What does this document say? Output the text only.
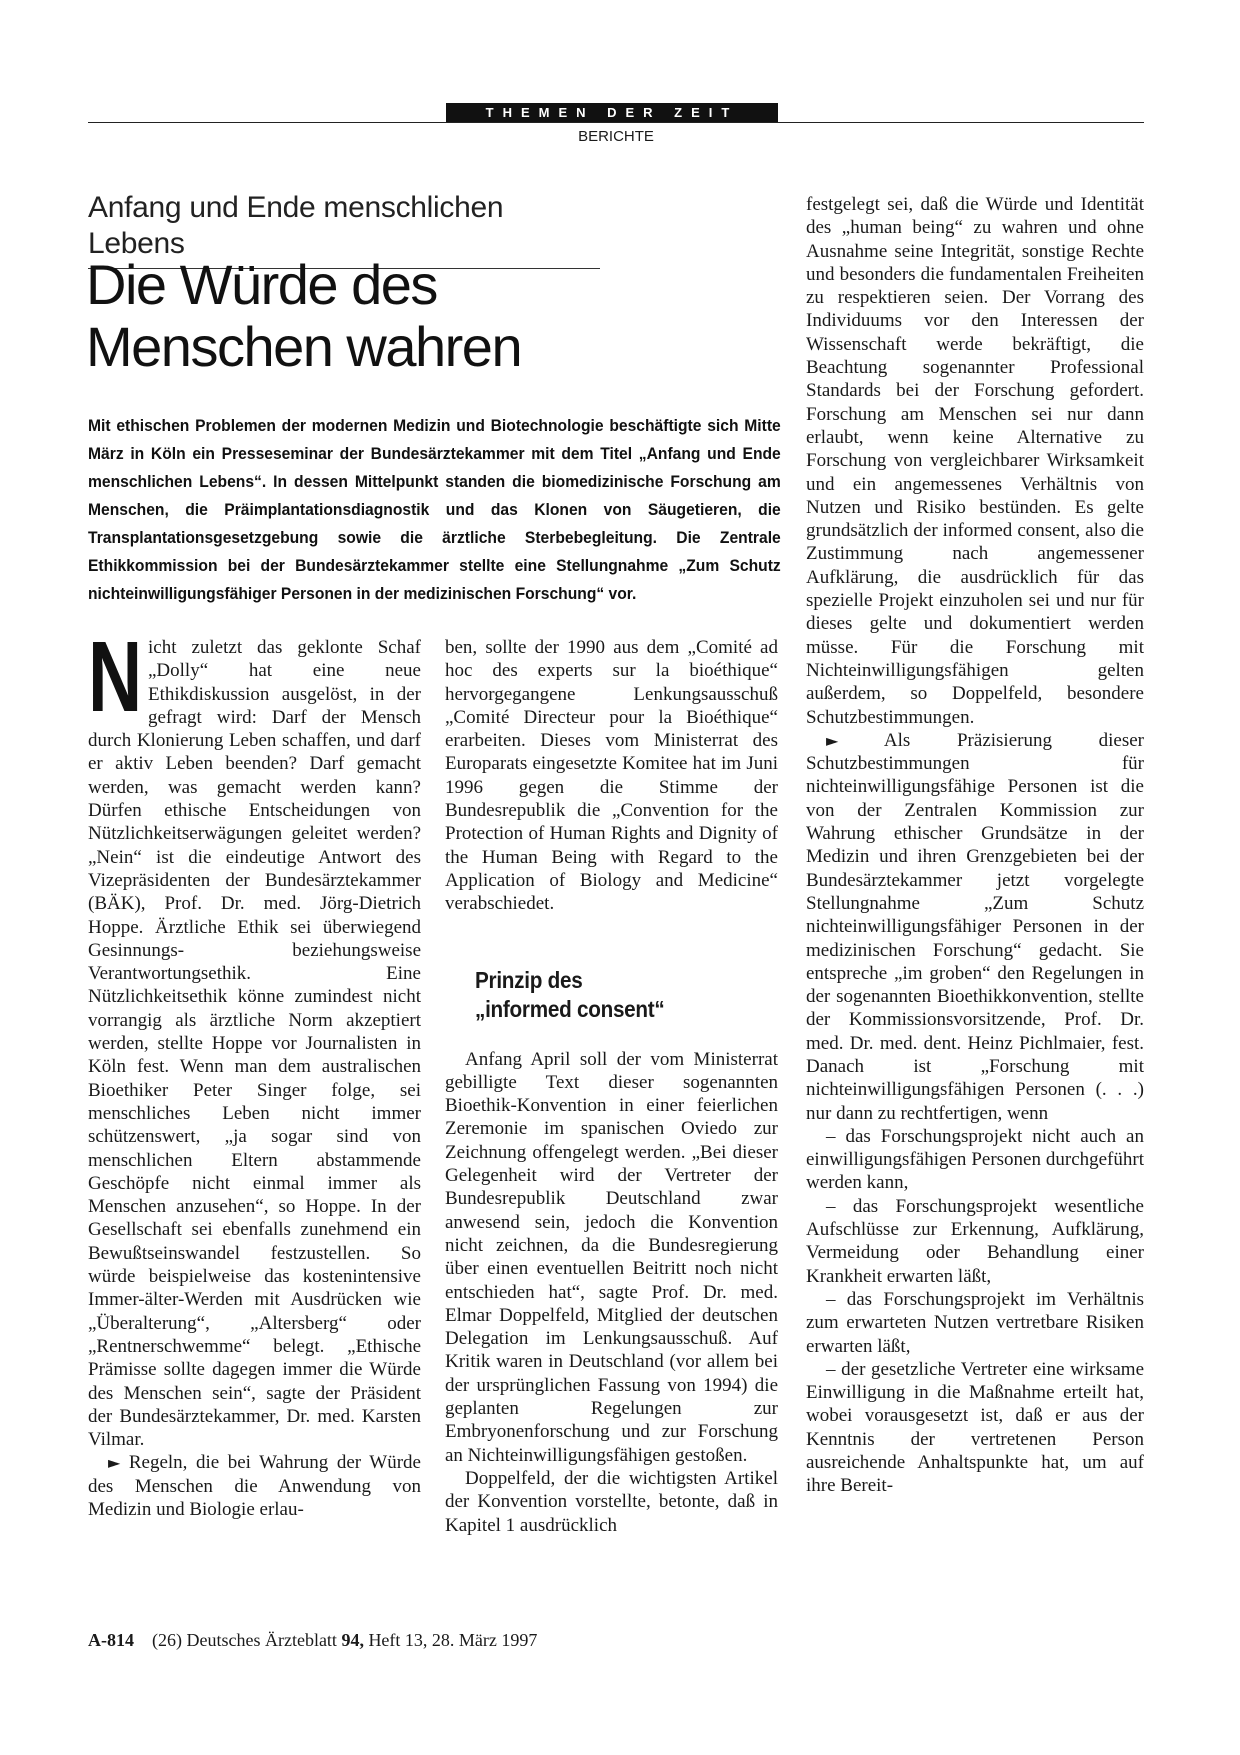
THEMEN DER ZEIT
BERICHTE
Anfang und Ende menschlichen Lebens
Die Würde des
Menschen wahren
Mit ethischen Problemen der modernen Medizin und Biotechnologie beschäftigte sich Mitte März in Köln ein Presseseminar der Bundesärztekammer mit dem Titel „Anfang und Ende menschlichen Lebens“. In dessen Mittelpunkt standen die biomedizinische Forschung am Menschen, die Präimplantationsdiagnostik und das Klonen von Säugetieren, die Transplantationsgesetzgebung sowie die ärztliche Sterbebegleitung. Die Zentrale Ethikkommission bei der Bundesärztekammer stellte eine Stellungnahme „Zum Schutz nichteinwilligungsfähiger Personen in der medizinischen Forschung“ vor.

Nicht zuletzt das geklonte Schaf „Dolly“ hat eine neue Ethikdiskussion ausgelöst, in der gefragt wird: Darf der Mensch durch Klonierung Leben schaffen, und darf er aktiv Leben beenden? Darf gemacht werden, was gemacht werden kann? Dürfen ethische Entscheidungen von Nützlichkeitserwägungen geleitet werden? „Nein“ ist die eindeutige Antwort des Vizepräsidenten der Bundesärztekammer (BÄK), Prof. Dr. med. Jörg-Dietrich Hoppe. Ärztliche Ethik sei überwiegend Gesinnungs- beziehungsweise Verantwortungsethik. Eine Nützlichkeitsethik könne zumindest nicht vorrangig als ärztliche Norm akzeptiert werden, stellte Hoppe vor Journalisten in Köln fest. Wenn man dem australischen Bioethiker Peter Singer folge, sei menschliches Leben nicht immer schützenswert, „ja sogar sind von menschlichen Eltern abstammende Geschöpfe nicht einmal immer als Menschen anzusehen“, so Hoppe. In der Gesellschaft sei ebenfalls zunehmend ein Bewußtseinswandel festzustellen. So würde beispielweise das kostenintensive Immer-älter-Werden mit Ausdrücken wie „Überalterung“, „Altersberg“ oder „Rentnerschwemme“ belegt. „Ethische Prämisse sollte dagegen immer die Würde des Menschen sein“, sagte der Präsident der Bundesärztekammer, Dr. med. Karsten Vilmar.

► Regeln, die bei Wahrung der Würde des Menschen die Anwendung von Medizin und Biologie erlau-

ben, sollte der 1990 aus dem „Comité ad hoc des experts sur la bioéthique“ hervorgegangene Lenkungsausschuß „Comité Directeur pour la Bioéthique“ erarbeiten. Dieses vom Ministerrat des Europarats eingesetzte Komitee hat im Juni 1996 gegen die Stimme der Bundesrepublik die „Convention for the Protection of Human Rights and Dignity of the Human Being with Regard to the Application of Biology and Medicine“ verabschiedet.

Prinzip des
„informed consent“

Anfang April soll der vom Ministerrat gebilligte Text dieser sogenannten Bioethik-Konvention in einer feierlichen Zeremonie im spanischen Oviedo zur Zeichnung offengelegt werden. „Bei dieser Gelegenheit wird der Vertreter der Bundesrepublik Deutschland zwar anwesend sein, jedoch die Konvention nicht zeichnen, da die Bundesregierung über einen eventuellen Beitritt noch nicht entschieden hat“, sagte Prof. Dr. med. Elmar Doppelfeld, Mitglied der deutschen Delegation im Lenkungsausschuß. Auf Kritik waren in Deutschland (vor allem bei der ursprünglichen Fassung von 1994) die geplanten Regelungen zur Embryonenforschung und zur Forschung an Nichteinwilligungsfähigen gestoßen.

Doppelfeld, der die wichtigsten Artikel der Konvention vorstellte, betonte, daß in Kapitel 1 ausdrücklich

festgelegt sei, daß die Würde und Identität des „human being“ zu wahren und ohne Ausnahme seine Integrität, sonstige Rechte und besonders die fundamentalen Freiheiten zu respektieren seien. Der Vorrang des Individuums vor den Interessen der Wissenschaft werde bekräftigt, die Beachtung sogenannter Professional Standards bei der Forschung gefordert. Forschung am Menschen sei nur dann erlaubt, wenn keine Alternative zu Forschung von vergleichbarer Wirksamkeit und ein angemessenes Verhältnis von Nutzen und Risiko bestünden. Es gelte grundsätzlich der informed consent, also die Zustimmung nach angemessener Aufklärung, die ausdrücklich für das spezielle Projekt einzuholen sei und nur für dieses gelte und dokumentiert werden müsse. Für die Forschung mit Nichteinwilligungsfähigen gelten außerdem, so Doppelfeld, besondere Schutzbestimmungen.

► Als Präzisierung dieser Schutzbestimmungen für nichteinwilligungsfähige Personen ist die von der Zentralen Kommission zur Wahrung ethischer Grundsätze in der Medizin und ihren Grenzgebieten bei der Bundesärztekammer jetzt vorgelegte Stellungnahme „Zum Schutz nichteinwilligungsfähiger Personen in der medizinischen Forschung“ gedacht. Sie entspreche „im groben“ den Regelungen in der sogenannten Bioethikkonvention, stellte der Kommissionsvorsitzende, Prof. Dr. med. Dr. med. dent. Heinz Pichlmaier, fest. Danach ist „Forschung mit nichteinwilligungsfähigen Personen (. . .) nur dann zu rechtfertigen, wenn

– das Forschungsprojekt nicht auch an einwilligungsfähigen Personen durchgeführt werden kann,

– das Forschungsprojekt wesentliche Aufschlüsse zur Erkennung, Aufklärung, Vermeidung oder Behandlung einer Krankheit erwarten läßt,

– das Forschungsprojekt im Verhältnis zum erwarteten Nutzen vertretbare Risiken erwarten läßt,

– der gesetzliche Vertreter eine wirksame Einwilligung in die Maßnahme erteilt hat, wobei vorausgesetzt ist, daß er aus der Kenntnis der vertretenen Person ausreichende Anhaltspunkte hat, um auf ihre Bereit-

A-814 (26) Deutsches Ärzteblatt 94, Heft 13, 28. März 1997
